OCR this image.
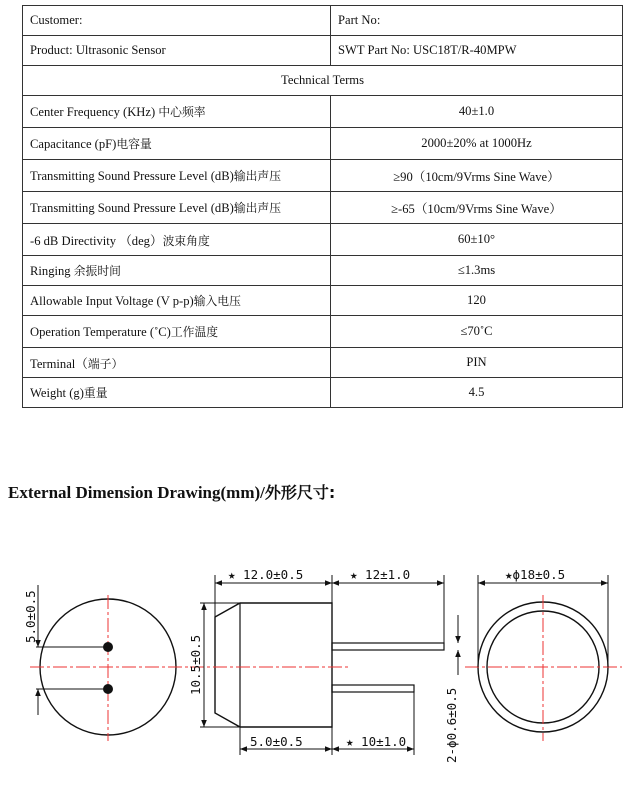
Customer:	Part No:
Product: Ultrasonic Sensor	SWT Part No: USC18T/R-40MPW
Technical Terms	
Center Frequency (KHz) 中心频率	40±1.0
Capacitance (pF)电容量	2000±20% at 1000Hz
Transmitting Sound Pressure Level (dB)输出声压	≥90（10cm/9Vrms Sine Wave）
Transmitting Sound Pressure Level (dB)输出声压	≥-65（10cm/9Vrms Sine Wave）
-6 dB Directivity （deg）波束角度	60±10°
Ringing 余振时间	≤1.3ms
Allowable Input Voltage (V p-p)输入电压	120
Operation Temperature (˚C)工作温度	≤70˚C
Terminal（端子）	PIN
Weight (g)重量	4.5
External Dimension Drawing(mm)/外形尺寸:
5.0±0.5
★ 12.0±0.5	★ 12±1.0
10.5±0.5
5.0±0.5	★ 10±1.0	2-ϕ0.6±0.5
★ϕ18±0.5
